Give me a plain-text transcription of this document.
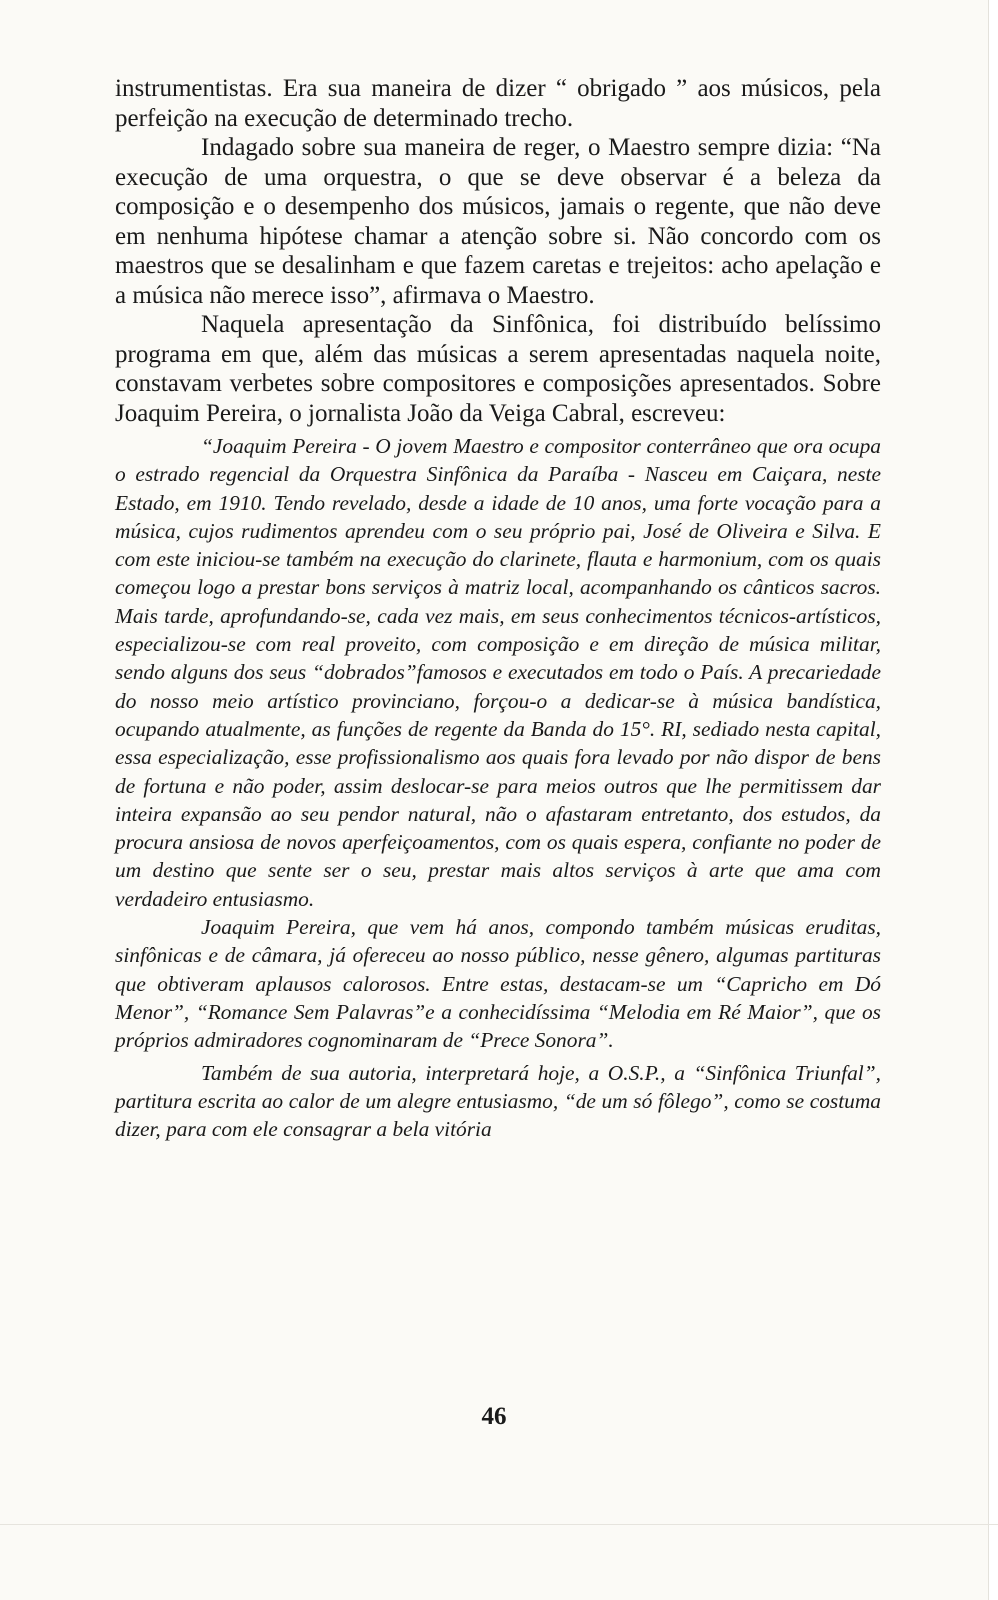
instrumentistas. Era sua maneira de dizer “ obrigado ” aos músicos, pela perfeição na execução de determinado trecho.

Indagado sobre sua maneira de reger, o Maestro sempre dizia: “Na execução de uma orquestra, o que se deve observar é a beleza da composição e o desempenho dos músicos, jamais o regente, que não deve em nenhuma hipótese chamar a atenção sobre si. Não concordo com os maestros que se desalinham e que fazem caretas e trejeitos: acho apelação e a música não merece isso”, afirmava o Maestro.

Naquela apresentação da Sinfônica, foi distribuído belíssimo programa em que, além das músicas a serem apresentadas naquela noite, constavam verbetes sobre compositores e composições apresentados. Sobre Joaquim Pereira, o jornalista João da Veiga Cabral, escreveu:

“Joaquim Pereira - O jovem Maestro e compositor conterrâneo que ora ocupa o estrado regencial da Orquestra Sinfônica da Paraíba - Nasceu em Caiçara, neste Estado, em 1910. Tendo revelado, desde a idade de 10 anos, uma forte vocação para a música, cujos rudimentos aprendeu com o seu próprio pai, José de Oliveira e Silva. E com este iniciou-se também na execução do clarinete, flauta e harmonium, com os quais começou logo a prestar bons serviços à matriz local, acompanhando os cânticos sacros. Mais tarde, aprofundando-se, cada vez mais, em seus conhecimentos técnicos-artísticos, especializou-se com real proveito, com composição e em direção de música militar, sendo alguns dos seus “dobrados”famosos e executados em todo o País. A precariedade do nosso meio artístico provinciano, forçou-o a dedicar-se à música bandística, ocupando atualmente, as funções de regente da Banda do 15°. RI, sediado nesta capital, essa especialização, esse profissionalismo aos quais fora levado por não dispor de bens de fortuna e não poder, assim deslocar-se para meios outros que lhe permitissem dar inteira expansão ao seu pendor natural, não o afastaram entretanto, dos estudos, da procura ansiosa de novos aperfeiçoamentos, com os quais espera, confiante no poder de um destino que sente ser o seu, prestar mais altos serviços à arte que ama com verdadeiro entusiasmo.

Joaquim Pereira, que vem há anos, compondo também músicas eruditas, sinfônicas e de câmara, já ofereceu ao nosso público, nesse gênero, algumas partituras que obtiveram aplausos calorosos. Entre estas, destacam-se um “Capricho em Dó Menor”, “Romance Sem Palavras”e a conhecidíssima “Melodia em Ré Maior”, que os próprios admiradores cognominaram de “Prece Sonora”.

Também de sua autoria, interpretará hoje, a O.S.P., a “Sinfônica Triunfal”, partitura escrita ao calor de um alegre entusiasmo, “de um só fôlego”, como se costuma dizer, para com ele consagrar a bela vitória

46
